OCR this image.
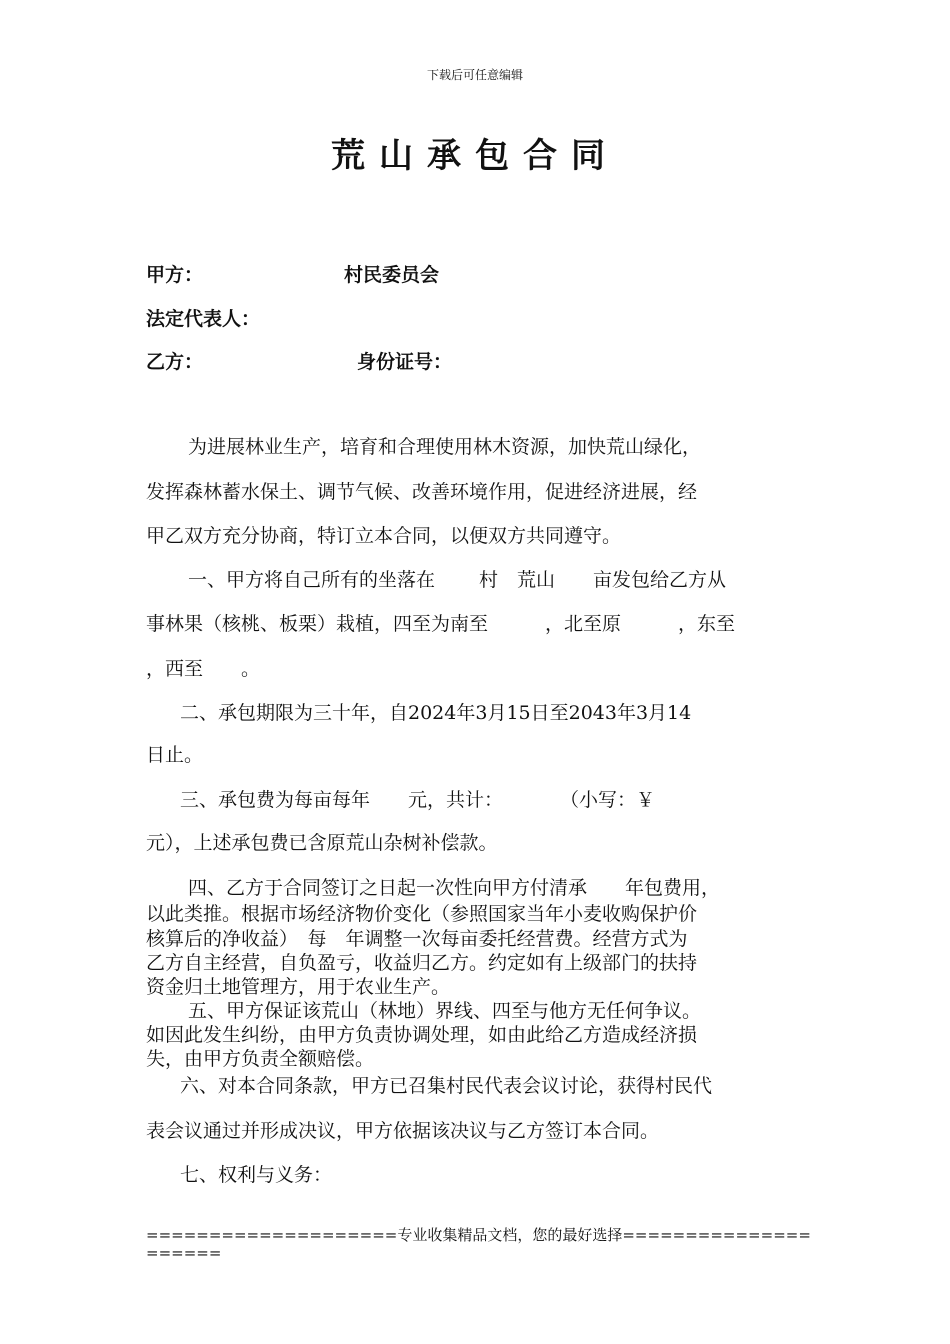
下载后可任意编辑
荒山承包合同
甲方：	村民委员会
法定代表人：
乙方：	身份证号：
为进展林业生产，培育和合理使用林木资源，加快荒山绿化，
发挥森林蓄水保土、调节气候、改善环境作用，促进经济进展，经
甲乙双方充分协商，特订立本合同，以便双方共同遵守。
一、甲方将自己所有的坐落在　　 村　荒山　　亩发包给乙方从
事林果（核桃、板栗）栽植，四至为南至　　　，北至原　　　，东至
，西至　　。
二、承包期限为三十年，自2024年3月15日至2043年3月14
日止。
三、承包费为每亩每年　　元，共计：　　　　（小写：￥
元），上述承包费已含原荒山杂树补偿款。
四、乙方于合同签订之日起一次性向甲方付清承　　年包费用，
以此类推。根据市场经济物价变化（参照国家当年小麦收购保护价
核算后的净收益）　每　年调整一次每亩委托经营费。经营方式为
乙方自主经营，自负盈亏，收益归乙方。约定如有上级部门的扶持
资金归土地管理方，用于农业生产。
五、甲方保证该荒山（林地）界线、四至与他方无任何争议。
如因此发生纠纷，由甲方负责协调处理，如由此给乙方造成经济损
失，由甲方负责全额赔偿。
六、对本合同条款，甲方已召集村民代表会议讨论，获得村民代
表会议通过并形成决议，甲方依据该决议与乙方签订本合同。
七、权利与义务：
====================专业收集精品文档，您的最好选择=====================
